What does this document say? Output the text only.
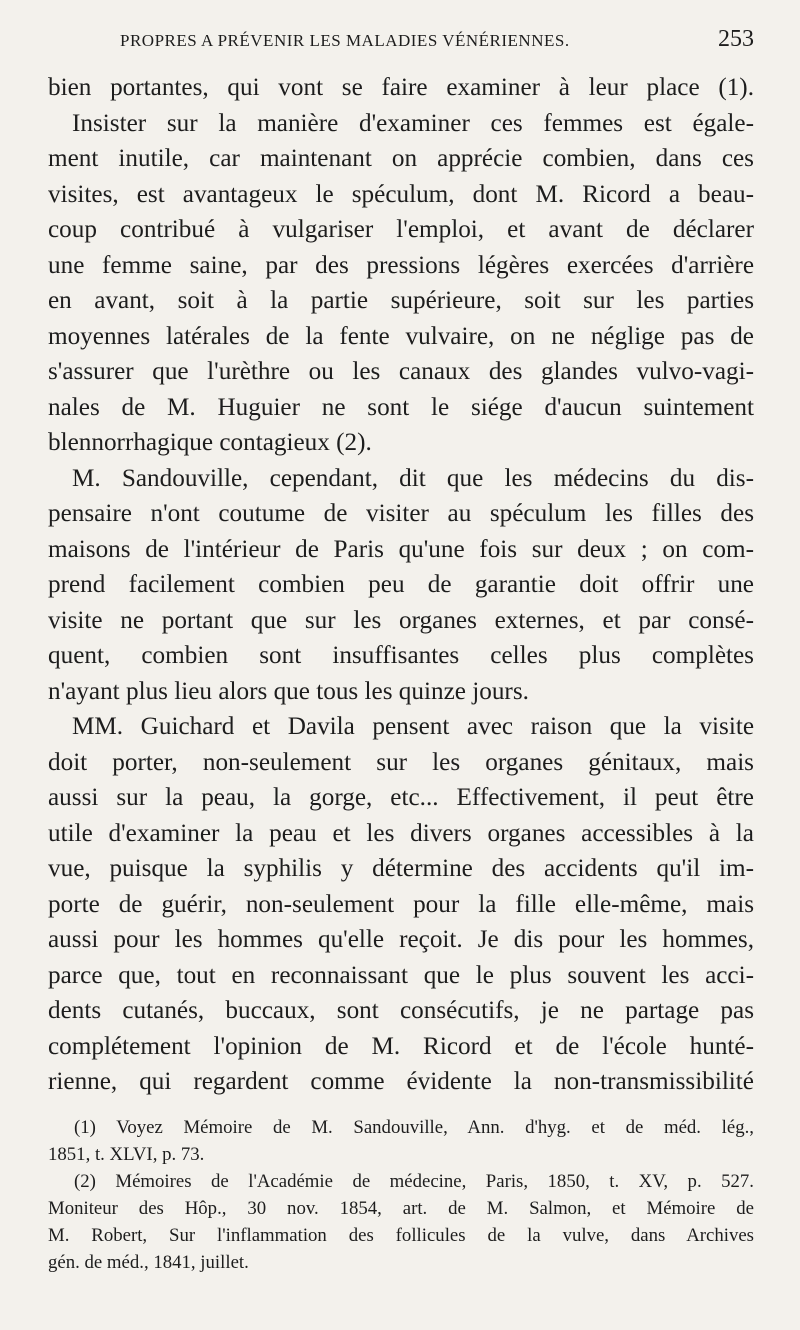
PROPRES A PRÉVENIR LES MALADIES VÉNÉRIENNES.	253
bien portantes, qui vont se faire examiner à leur place (1).
Insister sur la manière d'examiner ces femmes est égale-
ment inutile, car maintenant on apprécie combien, dans ces
visites, est avantageux le spéculum, dont M. Ricord a beau-
coup contribué à vulgariser l'emploi, et avant de déclarer
une femme saine, par des pressions légères exercées d'arrière
en avant, soit à la partie supérieure, soit sur les parties
moyennes latérales de la fente vulvaire, on ne néglige pas de
s'assurer que l'urèthre ou les canaux des glandes vulvo-vagi-
nales de M. Huguier ne sont le siége d'aucun suintement
blennorrhagique contagieux (2).
M. Sandouville, cependant, dit que les médecins du dis-
pensaire n'ont coutume de visiter au spéculum les filles des
maisons de l'intérieur de Paris qu'une fois sur deux ; on com-
prend facilement combien peu de garantie doit offrir une
visite ne portant que sur les organes externes, et par consé-
quent, combien sont insuffisantes celles plus complètes
n'ayant plus lieu alors que tous les quinze jours.
MM. Guichard et Davila pensent avec raison que la visite
doit porter, non-seulement sur les organes génitaux, mais
aussi sur la peau, la gorge, etc... Effectivement, il peut être
utile d'examiner la peau et les divers organes accessibles à la
vue, puisque la syphilis y détermine des accidents qu'il im-
porte de guérir, non-seulement pour la fille elle-même, mais
aussi pour les hommes qu'elle reçoit. Je dis pour les hommes,
parce que, tout en reconnaissant que le plus souvent les acci-
dents cutanés, buccaux, sont consécutifs, je ne partage pas
complétement l'opinion de M. Ricord et de l'école hunté-
rienne, qui regardent comme évidente la non-transmissibilité
(1) Voyez Mémoire de M. Sandouville, Ann. d'hyg. et de méd. lég.,
1851, t. XLVI, p. 73.
(2) Mémoires de l'Académie de médecine, Paris, 1850, t. XV, p. 527.
Moniteur des Hôp., 30 nov. 1854, art. de M. Salmon, et Mémoire de
M. Robert, Sur l'inflammation des follicules de la vulve, dans Archives
gén. de méd., 1841, juillet.
